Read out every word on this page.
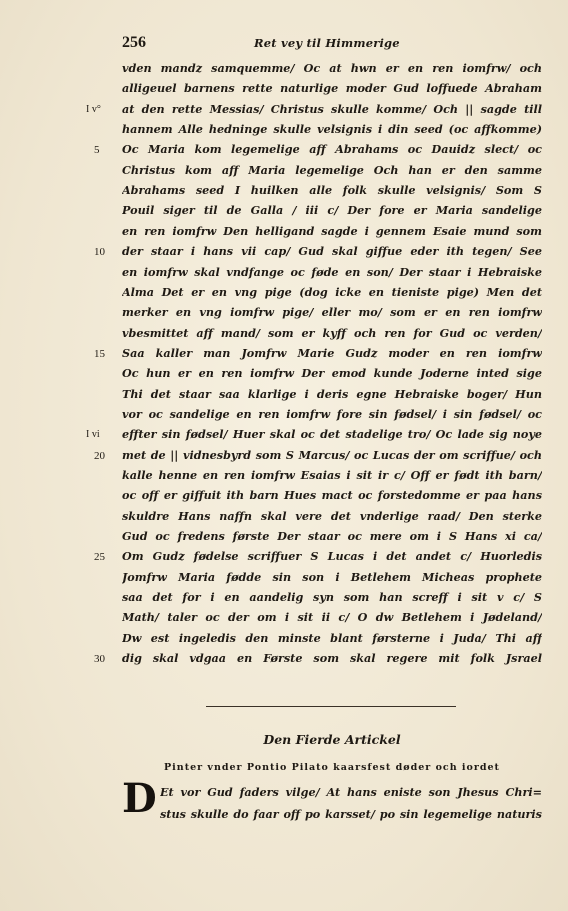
256	Ret vey til Himmerige
vden mandz samquemme/ Oc at hwn er en ren iomfrw/ och
alligeuel barnens rette naturlige moder Gud loffuede Abraham
I v°	at den rette Messias/ Christus skulle komme/ Och || sagde till
hannem Alle hedninge skulle velsignis i din seed (oc affkomme)
5	Oc Maria kom legemelige aff Abrahams oc Dauidz slect/ oc
Christus kom aff Maria legemelige Och han er den samme
Abrahams seed I huilken alle folk skulle velsignis/ Som S
Pouil siger til de Galla / iii c/ Der fore er Maria sandelige
en ren iomfrw Den helligand sagde i gennem Esaie mund som
10	der staar i hans vii cap/ Gud skal giffue eder ith tegen/ See
en iomfrw skal vndfange oc føde en son/ Der staar i Hebraiske
Alma Det er en vng pige (dog icke en tieniste pige) Men det
merker en vng iomfrw pige/ eller mo/ som er en ren iomfrw
vbesmittet aff mand/ som er kyff och ren for Gud oc verden/
15	Saa kaller man Jomfrw Marie Gudz moder en ren iomfrw
Oc hun er en ren iomfrw Der emod kunde Joderne inted sige
Thi det staar saa klarlige i deris egne Hebraiske boger/ Hun
vor oc sandelige en ren iomfrw fore sin fødsel/ i sin fødsel/ oc
I vi	effter sin fødsel/ Huer skal oc det stadelige tro/ Oc lade sig noye
20	met de || vidnesbyrd som S Marcus/ oc Lucas der om scriffue/ och
kalle henne en ren iomfrw Esaias i sit ir c/ Off er født ith barn/
oc off er giffuit ith barn Hues mact oc forstedomme er paa hans
skuldre Hans naffn skal vere det vnderlige raad/ Den sterke
Gud oc fredens første Der staar oc mere om i S Hans xi ca/
25	Om Gudz fødelse scriffuer S Lucas i det andet c/ Huorledis
Jomfrw Maria fødde sin son i Betlehem Micheas prophete
saa det for i en aandelig syn som han screff i sit v c/ S
Math/ taler oc der om i sit ii c/ O dw Betlehem i Jødeland/
Dw est ingeledis den minste blant førsterne i Juda/ Thi aff
30	dig skal vdgaa en Første som skal regere mit folk Jsrael
Den Fierde Artickel
Pinter vnder Pontio Pilato kaarsfest døder och iordet
D Et vor Gud faders vilge/ At hans eniste son Jhesus Chri=
stus skulle do faar off po karsset/ po sin legemelige naturis
